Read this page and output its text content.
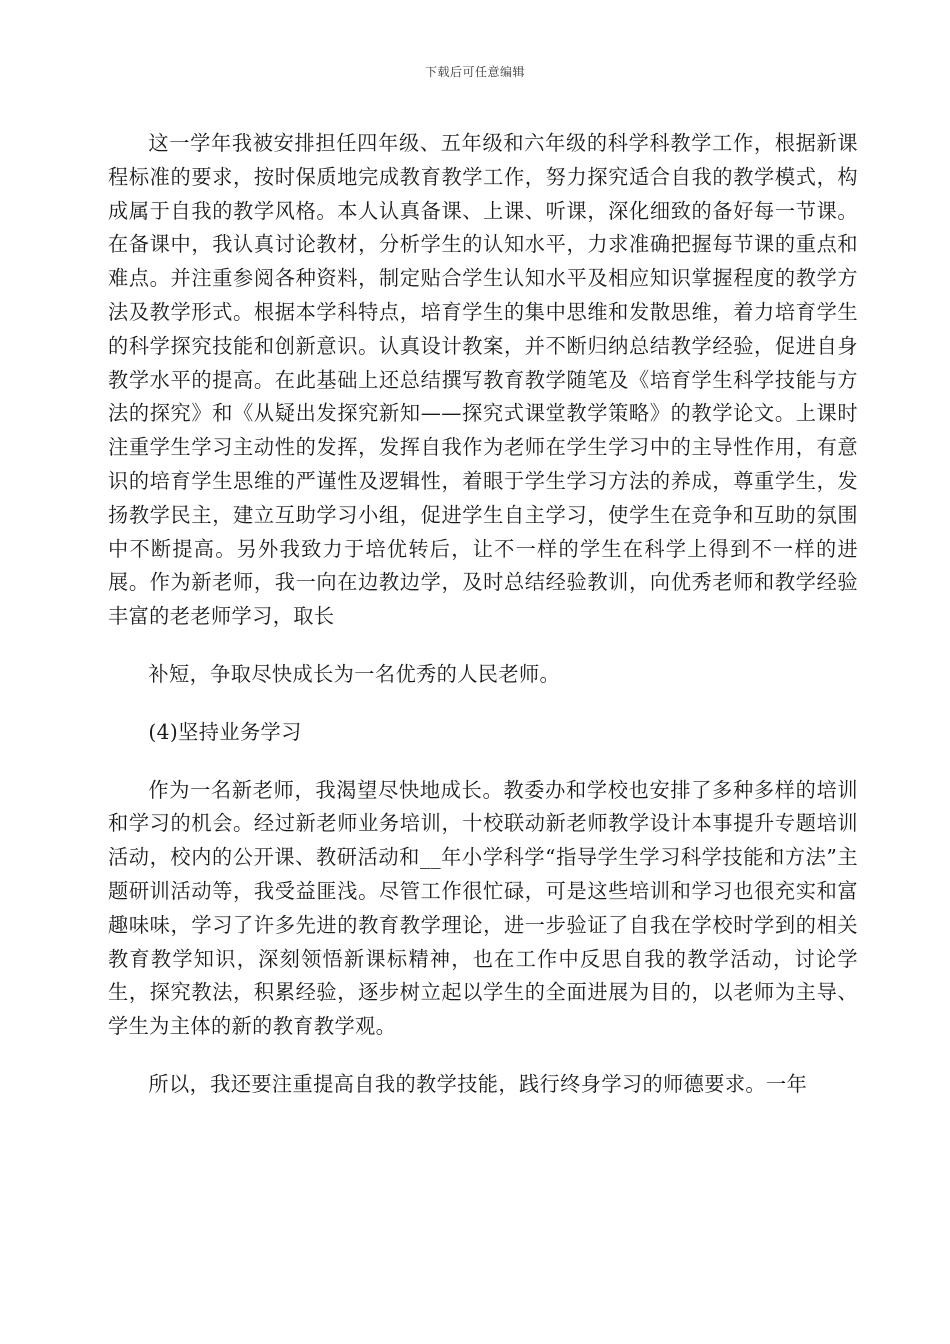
下载后可任意编辑

这一学年我被安排担任四年级、五年级和六年级的科学科教学工作，根据新课程标准的要求，按时保质地完成教育教学工作，努力探究适合自我的教学模式，构成属于自我的教学风格。本人认真备课、上课、听课，深化细致的备好每一节课。在备课中，我认真讨论教材，分析学生的认知水平，力求准确把握每节课的重点和难点。并注重参阅各种资料，制定贴合学生认知水平及相应知识掌握程度的教学方法及教学形式。根据本学科特点，培育学生的集中思维和发散思维，着力培育学生的科学探究技能和创新意识。认真设计教案，并不断归纳总结教学经验，促进自身教学水平的提高。在此基础上还总结撰写教育教学随笔及《培育学生科学技能与方法的探究》和《从疑出发探究新知——探究式课堂教学策略》的教学论文。上课时注重学生学习主动性的发挥，发挥自我作为老师在学生学习中的主导性作用，有意识的培育学生思维的严谨性及逻辑性，着眼于学生学习方法的养成，尊重学生，发扬教学民主，建立互助学习小组，促进学生自主学习，使学生在竞争和互助的氛围中不断提高。另外我致力于培优转后，让不一样的学生在科学上得到不一样的进展。作为新老师，我一向在边教边学，及时总结经验教训，向优秀老师和教学经验丰富的老老师学习，取长

补短，争取尽快成长为一名优秀的人民老师。

(4)坚持业务学习

作为一名新老师，我渴望尽快地成长。教委办和学校也安排了多种多样的培训和学习的机会。经过新老师业务培训，十校联动新老师教学设计本事提升专题培训活动，校内的公开课、教研活动和__年小学科学“指导学生学习科学技能和方法”主题研训活动等，我受益匪浅。尽管工作很忙碌，可是这些培训和学习也很充实和富趣味味，学习了许多先进的教育教学理论，进一步验证了自我在学校时学到的相关教育教学知识，深刻领悟新课标精神，也在工作中反思自我的教学活动，讨论学生，探究教法，积累经验，逐步树立起以学生的全面进展为目的，以老师为主导、学生为主体的新的教育教学观。

所以，我还要注重提高自我的教学技能，践行终身学习的师德要求。一年
